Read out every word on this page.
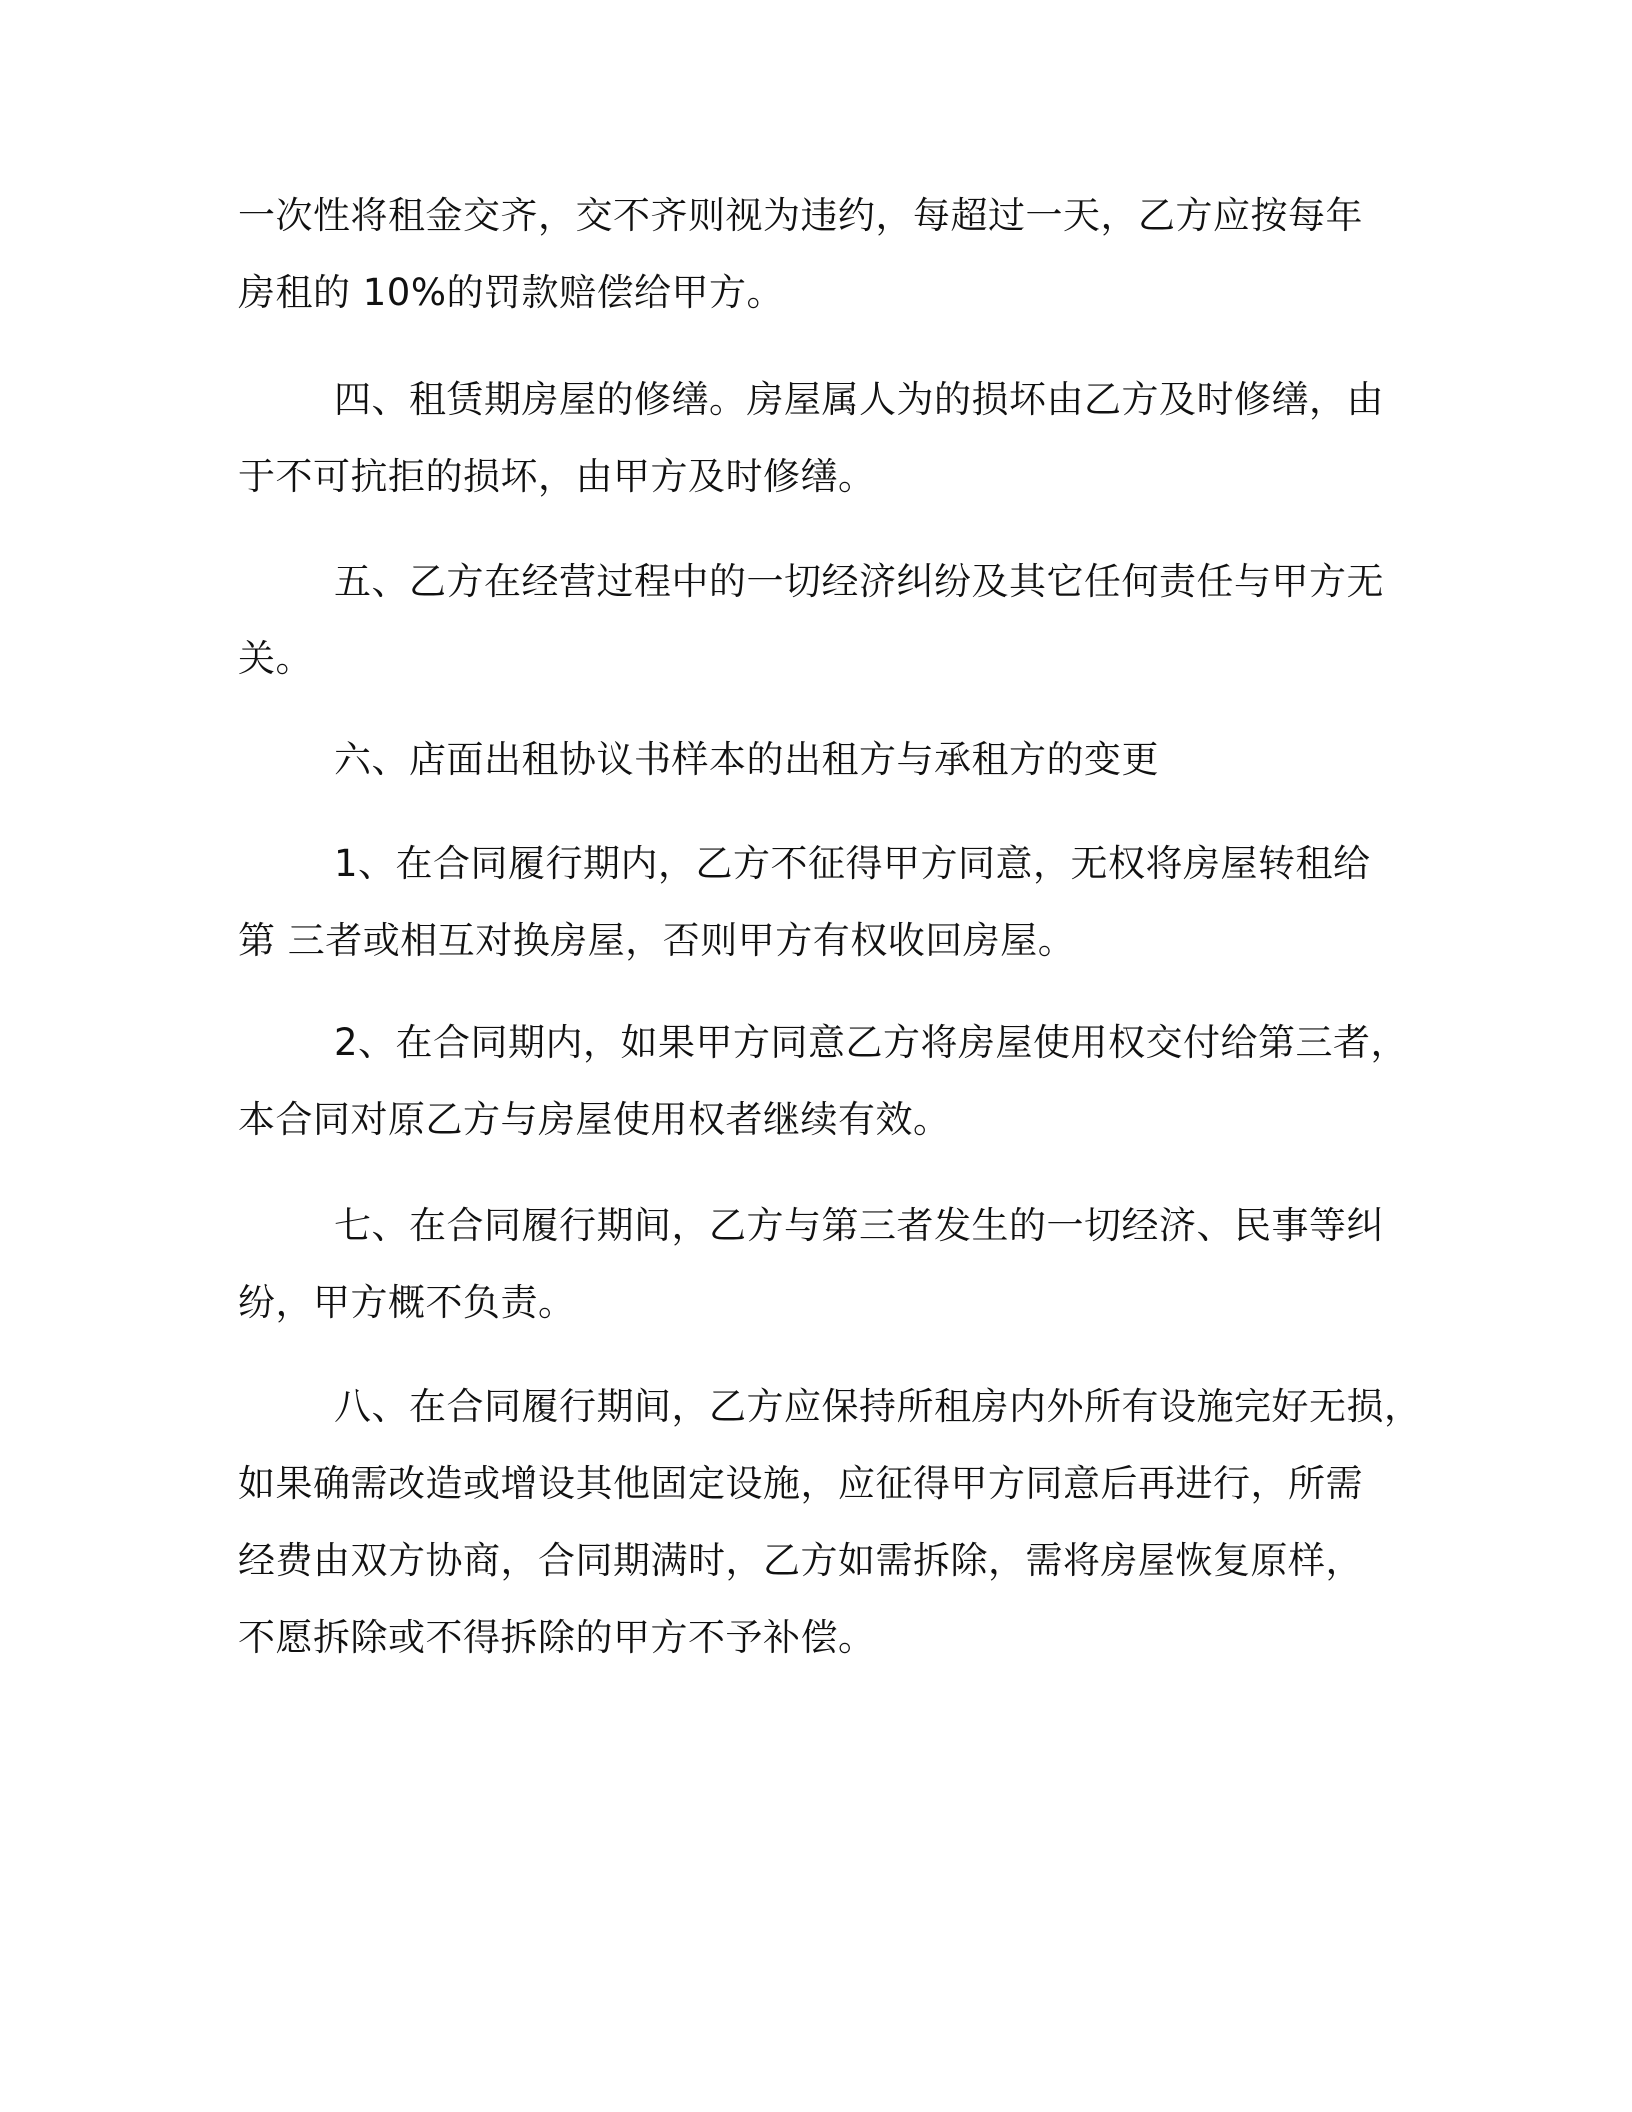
一次性将租金交齐，交不齐则视为违约，每超过一天，乙方应按每年
房租的 10%的罚款赔偿给甲方。
四、租赁期房屋的修缮。房屋属人为的损坏由乙方及时修缮，由
于不可抗拒的损坏，由甲方及时修缮。
五、乙方在经营过程中的一切经济纠纷及其它任何责任与甲方无
关。
六、店面出租协议书样本的出租方与承租方的变更
1、在合同履行期内，乙方不征得甲方同意，无权将房屋转租给
第 三者或相互对换房屋，否则甲方有权收回房屋。
2、在合同期内，如果甲方同意乙方将房屋使用权交付给第三者，
本合同对原乙方与房屋使用权者继续有效。
七、在合同履行期间，乙方与第三者发生的一切经济、民事等纠
纷，甲方概不负责。
八、在合同履行期间，乙方应保持所租房内外所有设施完好无损，
如果确需改造或增设其他固定设施，应征得甲方同意后再进行，所需
经费由双方协商，合同期满时，乙方如需拆除，需将房屋恢复原样，
不愿拆除或不得拆除的甲方不予补偿。
